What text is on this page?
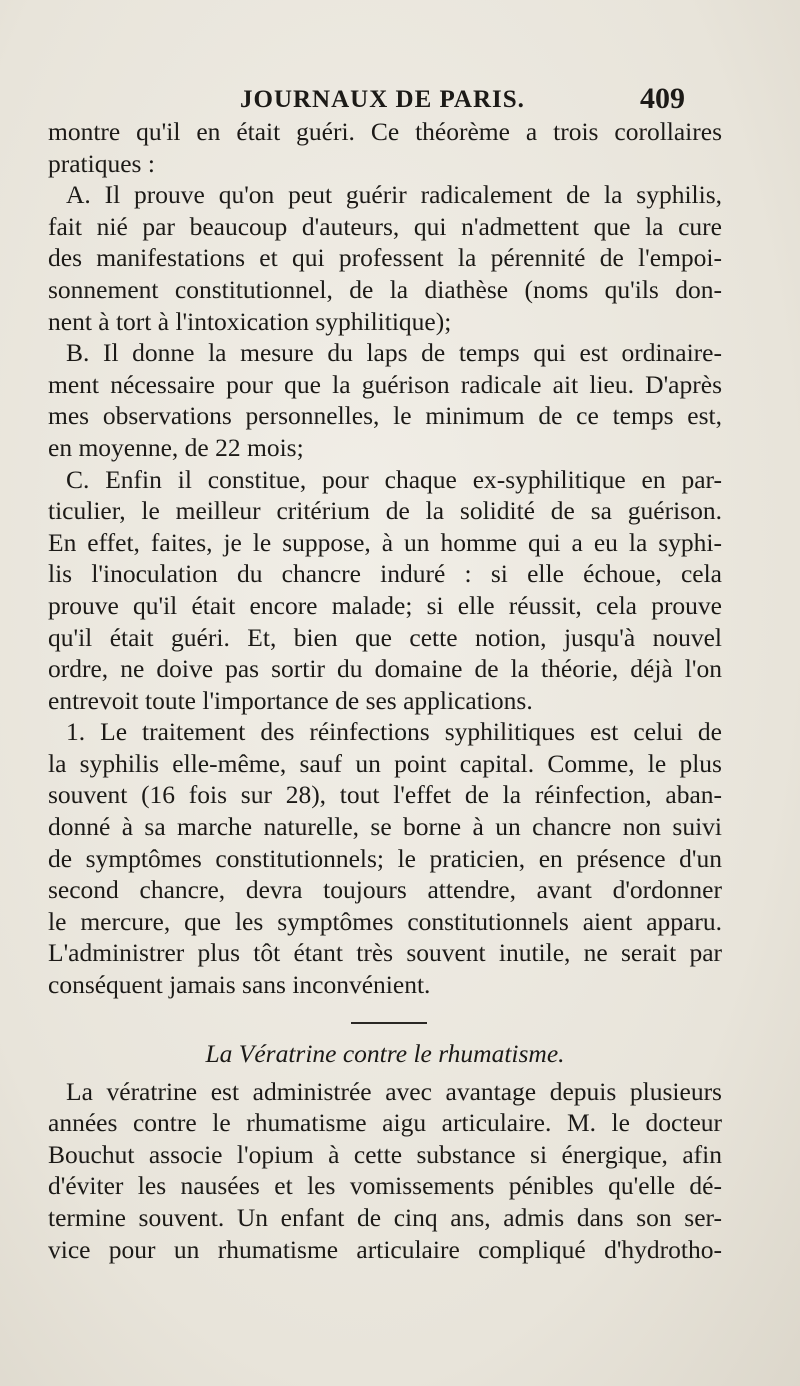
JOURNAUX DE PARIS.	409
montre qu'il en était guéri. Ce théorème a trois corollaires
pratiques :
A. Il prouve qu'on peut guérir radicalement de la syphilis,
fait nié par beaucoup d'auteurs, qui n'admettent que la cure
des manifestations et qui professent la pérennité de l'empoi-
sonnement constitutionnel, de la diathèse (noms qu'ils don-
nent à tort à l'intoxication syphilitique);
B. Il donne la mesure du laps de temps qui est ordinaire-
ment nécessaire pour que la guérison radicale ait lieu. D'après
mes observations personnelles, le minimum de ce temps est,
en moyenne, de 22 mois;
C. Enfin il constitue, pour chaque ex-syphilitique en par-
ticulier, le meilleur critérium de la solidité de sa guérison.
En effet, faites, je le suppose, à un homme qui a eu la syphi-
lis l'inoculation du chancre induré : si elle échoue, cela
prouve qu'il était encore malade; si elle réussit, cela prouve
qu'il était guéri. Et, bien que cette notion, jusqu'à nouvel
ordre, ne doive pas sortir du domaine de la théorie, déjà l'on
entrevoit toute l'importance de ses applications.
1. Le traitement des réinfections syphilitiques est celui de
la syphilis elle-même, sauf un point capital. Comme, le plus
souvent (16 fois sur 28), tout l'effet de la réinfection, aban-
donné à sa marche naturelle, se borne à un chancre non suivi
de symptômes constitutionnels; le praticien, en présence d'un
second chancre, devra toujours attendre, avant d'ordonner
le mercure, que les symptômes constitutionnels aient apparu.
L'administrer plus tôt étant très souvent inutile, ne serait par
conséquent jamais sans inconvénient.
La Vératrine contre le rhumatisme.
La vératrine est administrée avec avantage depuis plusieurs
années contre le rhumatisme aigu articulaire. M. le docteur
Bouchut associe l'opium à cette substance si énergique, afin
d'éviter les nausées et les vomissements pénibles qu'elle dé-
termine souvent. Un enfant de cinq ans, admis dans son ser-
vice pour un rhumatisme articulaire compliqué d'hydrotho-
